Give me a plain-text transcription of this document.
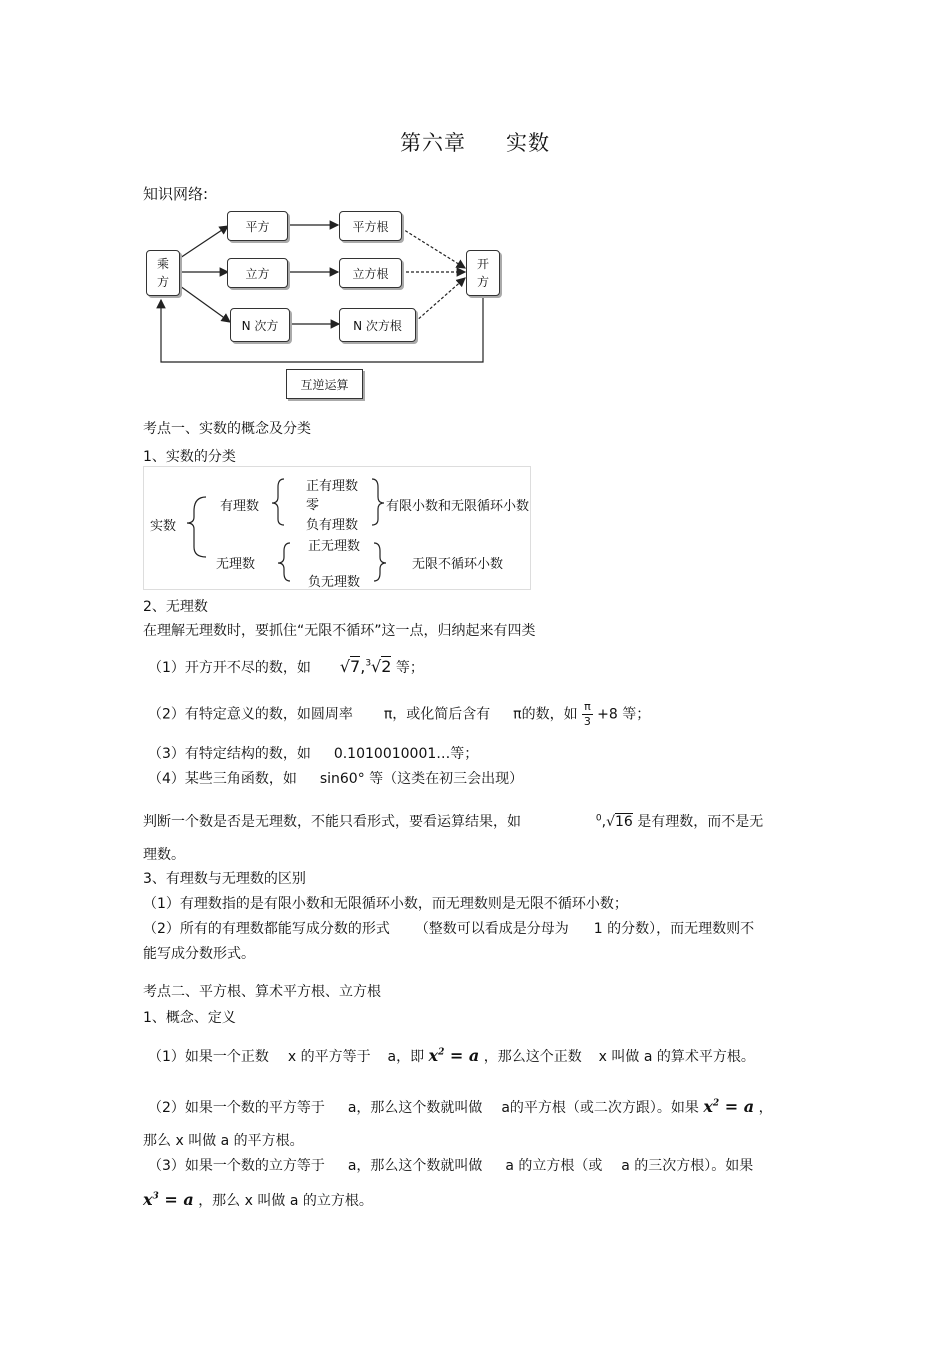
第六章 实数
知识网络:
乘
方
开
方
平方	平方根
立方	立方根
N 次方	N 次方根
互逆运算
考点一、实数的概念及分类
1、实数的分类
实数
有理数
正有理数
零
负有理数
有限小数和无限循环小数
无理数
正无理数
负无理数
无限不循环小数
2、无理数
在理解无理数时，要抓住“无限不循环”这一点，归纳起来有四类
（1）开方开不尽的数，如 √7,$^3$√2 等；
（2）有特定意义的数，如圆周率 π，或化简后含有 π的数，如 $\frac{\pi}{3} +8$ 等；
（3）有特定结构的数，如 0.1010010001…等；
（4）某些三角函数，如 sin60° 等（这类在初三会出现）
判断一个数是否是无理数，不能只看形式，要看运算结果，如	$^0$,√16 是有理数，而不是无
理数。
3、有理数与无理数的区别
（1）有理数指的是有限小数和无限循环小数，而无理数则是无限不循环小数；
（2）所有的有理数都能写成分数的形式 （整数可以看成是分母为 1 的分数），而无理数则不
能写成分数形式。
考点二、平方根、算术平方根、立方根
1、概念、定义
（1）如果一个正数 x 的平方等于 a，即 $x^2 = a$ ，那么这个正数 x 叫做 a 的算术平方根。
（2）如果一个数的平方等于 a，那么这个数就叫做 a的平方根（或二次方跟）。如果 $x^2 = a$ ，
那么 x 叫做 a 的平方根。
（3）如果一个数的立方等于 a，那么这个数就叫做 a 的立方根（或 a 的三次方根）。如果
$x^3 = a$ ，那么 x 叫做 a 的立方根。
